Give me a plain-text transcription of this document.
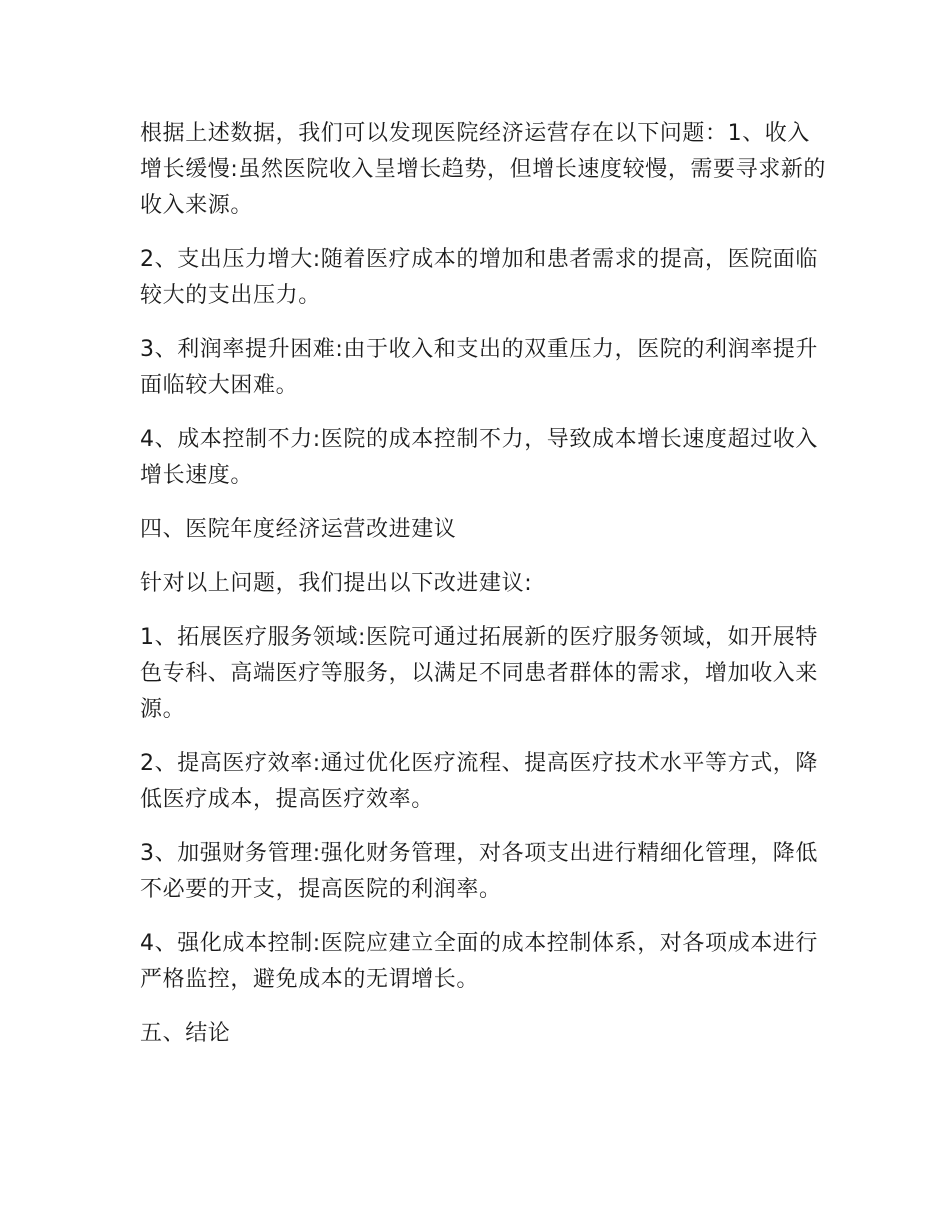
根据上述数据，我们可以发现医院经济运营存在以下问题：1、收入增长缓慢:虽然医院收入呈增长趋势，但增长速度较慢，需要寻求新的收入来源。

2、支出压力增大:随着医疗成本的增加和患者需求的提高，医院面临较大的支出压力。

3、利润率提升困难:由于收入和支出的双重压力，医院的利润率提升面临较大困难。

4、成本控制不力:医院的成本控制不力，导致成本增长速度超过收入增长速度。

四、医院年度经济运营改进建议

针对以上问题，我们提出以下改进建议:

1、拓展医疗服务领域:医院可通过拓展新的医疗服务领域，如开展特色专科、高端医疗等服务，以满足不同患者群体的需求，增加收入来源。

2、提高医疗效率:通过优化医疗流程、提高医疗技术水平等方式，降低医疗成本，提高医疗效率。

3、加强财务管理:强化财务管理，对各项支出进行精细化管理，降低不必要的开支，提高医院的利润率。

4、强化成本控制:医院应建立全面的成本控制体系，对各项成本进行严格监控，避免成本的无谓增长。

五、结论
